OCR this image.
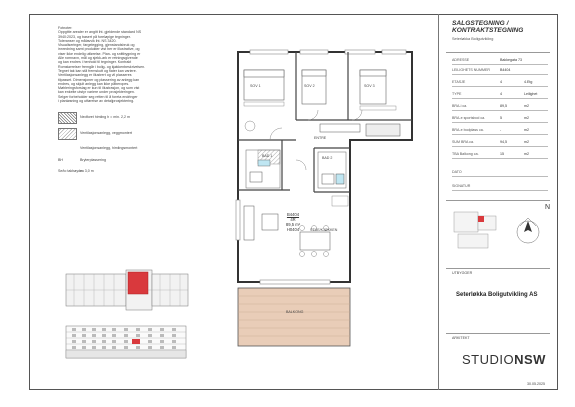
Fotnoter:

Oppgitte arealer er angitt iht. gjeldende standard NS

3940:2023, og basert på foreløpige tegninger.

Toleranser og målavvik iht. NS 3420.

Visualiseringer, fargelegging, gjenstandsbruk og

innredning samt produkter vist her er illustrative, og

viser ikke endelig utførelse. Plan- og snittbygning er

Alle romnavn, mål og sjekk-ark er retningsgivende

og kan endres i henhold til tegninger. Kontrakt

Romstørrelser fremgår i bolig- og kjøkkenbeskrivelsen.

Tegnet tak kan stå fremskutt og flater kan variere.

Ventilasjonsanlegg er illustrert og vil plasseres

tilpasset. Dimensjoner og plassering av anlegg kan

endres, og skjult anlegg kan ikke påberopes.

Møbleringsforslag er kun til illustrasjon, og som vist

kan enkelte utstyr variere under prosjekteringen.

Selger forbeholder seg retten til å foreta endringer

i planløsning og utførelse av detaljprosjektering.

Nedforet himling h = min. 2,2 m
Ventilasjonsanlegg, veggmontert
Ventilasjonsanlegg, himlingsmontert
BH	Bryterplassering
Se/to takhøyde
ca 3,0 m
SOV 1	SOV 2	SOV 3
ENTRE
BAD 1	BAD 2
STUE/KJØKKEN
BALKONG
B4404
4R
89,5 m²
H0404
SALGSTEGNING /
KONTRAKTSTEGNING
Seterløkka Boligutvikling
ADRESSE	Bakkegata 73
LEILIGHETS NUMMER	B4404
ETASJE	4	4.Etg
TYPE	4	Leilighet
BRA-i ca.	89,5	m2
BRA-e sportsbod ca.	5	m2
BRA-e bodplass ca.	-	m2
SUM BRA ca.	94,5	m2
TBA Balkong ca.	15	m2
DATO
SIGNATUR
N
UTBYGGER
Seterløkka Boligutvikling AS
ARKITEKT
STUDIONSW
30.05.2025
